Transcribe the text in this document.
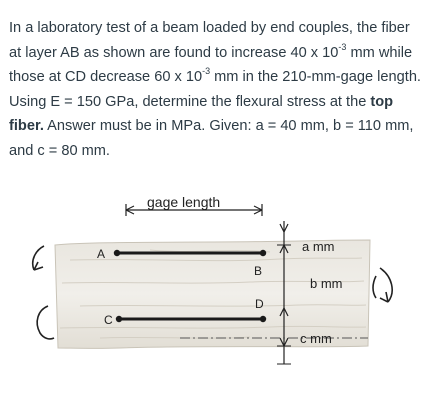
In a laboratory test of a beam loaded by end couples, the fiber at layer AB as shown are found to increase 40 x $10^{-3}$ mm while those at CD decrease 60 x $10^{-3}$ mm in the 210-mm-gage length. Using E = 150 GPa, determine the flexural stress at the top fiber. Answer must be in MPa. Given: a = 40 mm, b = 110 mm, and c = 80 mm.
gage length
A
B
C
D
a mm
b mm
c mm
